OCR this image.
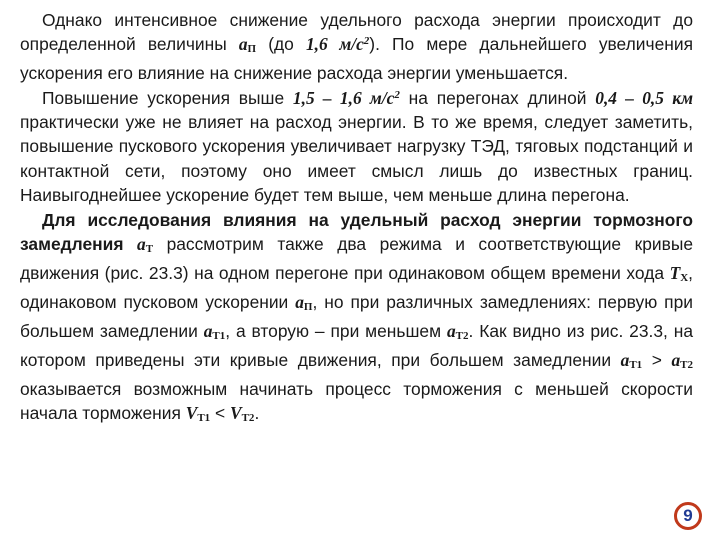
Однако интенсивное снижение удельного расхода энергии происходит до определенной величины aП (до 1,6 $м/с^2$). По мере дальнейшего увеличения ускорения его влияние на снижение расхода энергии уменьшается.

Повышение ускорения выше 1,5 – 1,6 $м/с^2$ на перегонах длиной 0,4 – 0,5 км практически уже не влияет на расход энергии. В то же время, следует заметить, повышение пускового ускорения увеличивает нагрузку ТЭД, тяговых подстанций и контактной сети, поэтому оно имеет смысл лишь до известных границ. Наивыгоднейшее ускорение будет тем выше, чем меньше длина перегона.

Для исследования влияния на удельный расход энергии тормозного замедления aТ рассмотрим также два режима и соответствующие кривые движения (рис. 23.3) на одном перегоне при одинаковом общем времени хода TХ, одинаковом пусковом ускорении aП, но при различных замедлениях: первую при большем замедлении aТ1, а вторую – при меньшем aТ2. Как видно из рис. 23.3, на котором приведены эти кривые движения, при большем замедлении aТ1 > aТ2 оказывается возможным начинать процесс торможения с меньшей скорости начала торможения VТ1 < VТ2.

9
